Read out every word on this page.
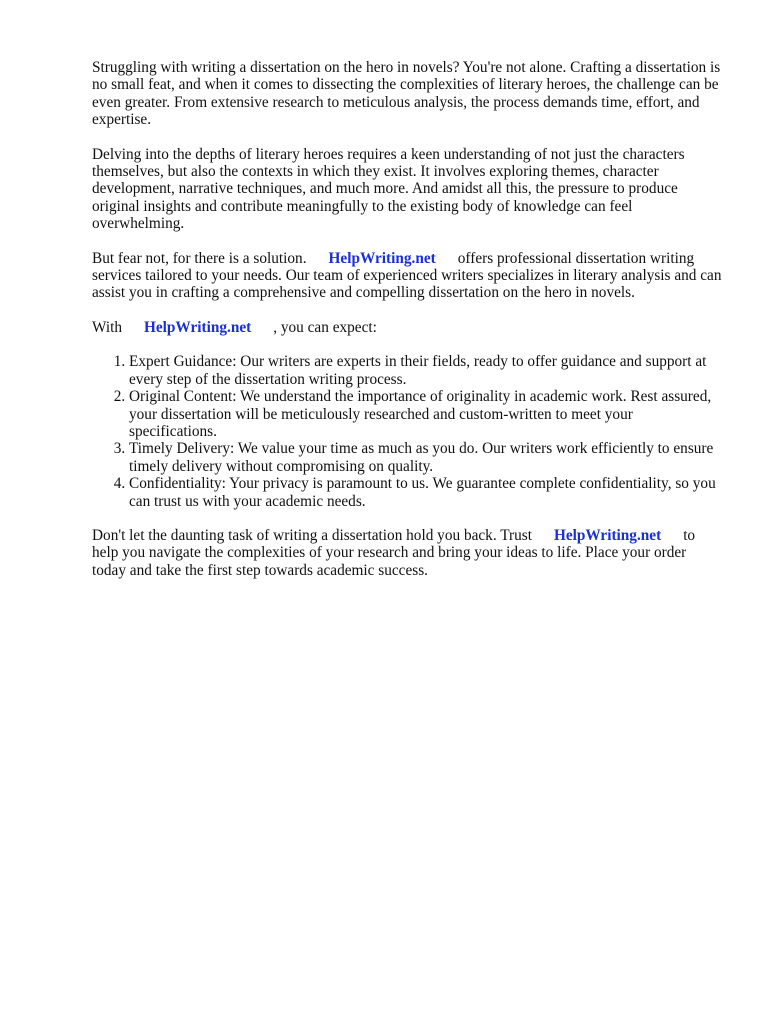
Struggling with writing a dissertation on the hero in novels? You're not alone. Crafting a dissertation is no small feat, and when it comes to dissecting the complexities of literary heroes, the challenge can be even greater. From extensive research to meticulous analysis, the process demands time, effort, and expertise.

Delving into the depths of literary heroes requires a keen understanding of not just the characters themselves, but also the contexts in which they exist. It involves exploring themes, character development, narrative techniques, and much more. And amidst all this, the pressure to produce original insights and contribute meaningfully to the existing body of knowledge can feel overwhelming.

But fear not, for there is a solution. HelpWriting.net offers professional dissertation writing services tailored to your needs. Our team of experienced writers specializes in literary analysis and can assist you in crafting a comprehensive and compelling dissertation on the hero in novels.

With HelpWriting.net , you can expect:

1. Expert Guidance: Our writers are experts in their fields, ready to offer guidance and support at every step of the dissertation writing process.
2. Original Content: We understand the importance of originality in academic work. Rest assured, your dissertation will be meticulously researched and custom-written to meet your specifications.
3. Timely Delivery: We value your time as much as you do. Our writers work efficiently to ensure timely delivery without compromising on quality.
4. Confidentiality: Your privacy is paramount to us. We guarantee complete confidentiality, so you can trust us with your academic needs.

Don't let the daunting task of writing a dissertation hold you back. Trust HelpWriting.net to help you navigate the complexities of your research and bring your ideas to life. Place your order today and take the first step towards academic success.
